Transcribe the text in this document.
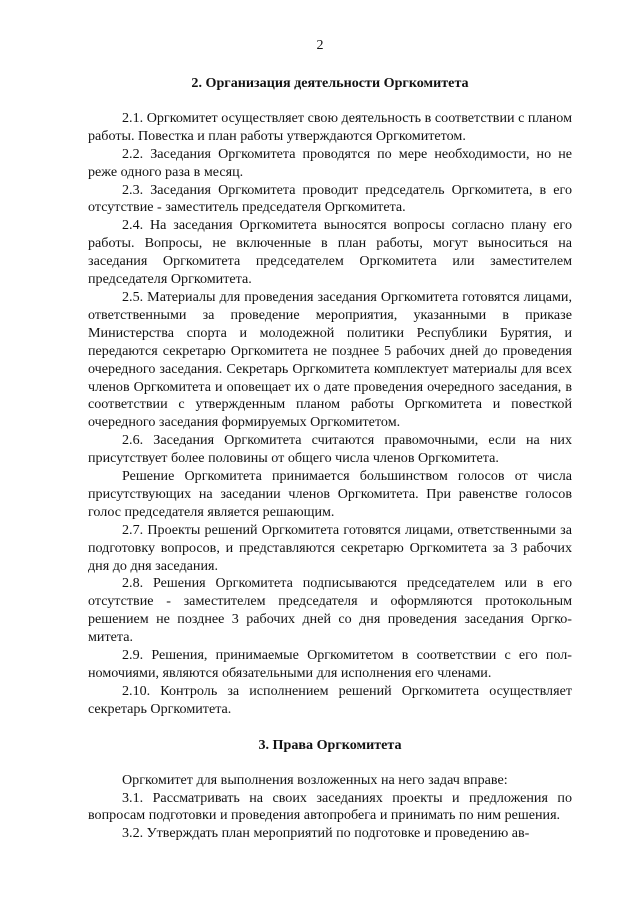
2
2. Организация деятельности Оргкомитета

2.1. Оргкомитет осуществляет свою деятельность в соответствии с планом работы. Повестка и план работы утверждаются Оргкомитетом.

2.2. Заседания Оргкомитета проводятся по мере необходимости, но не реже одного раза в месяц.

2.3. Заседания Оргкомитета проводит председатель Оргкомитета, в его отсутствие - заместитель председателя Оргкомитета.

2.4. На заседания Оргкомитета выносятся вопросы согласно плану его работы. Вопросы, не включенные в план работы, могут выноситься на заседания Оргкомитета председателем Оргкомитета или заместителем председателя Оргкомитета.

2.5. Материалы для проведения заседания Оргкомитета готовятся лицами, ответственными за проведение мероприятия, указанными в приказе Министерства спорта и молодежной политики Республики Бурятия, и передаются секретарю Оргкомитета не позднее 5 рабочих дней до проведения очередного заседания. Секретарь Оргкомитета комплектует материалы для всех членов Оргкомитета и оповещает их о дате проведения очередного заседания, в соответствии с утвержденным планом работы Оргкомитета и повесткой очередного заседания формируемых Оргкомитетом.

2.6. Заседания Оргкомитета считаются правомочными, если на них присутствует более половины от общего числа членов Оргкомитета.

Решение Оргкомитета принимается большинством голосов от числа присутствующих на заседании членов Оргкомитета. При равенстве голосов голос председателя является решающим.

2.7. Проекты решений Оргкомитета готовятся лицами, ответственными за подготовку вопросов, и представляются секретарю Оргкомитета за 3 рабочих дня до дня заседания.

2.8. Решения Оргкомитета подписываются председателем или в его отсутствие - заместителем председателя и оформляются протокольным решением не позднее 3 рабочих дней со дня проведения заседания Оргкомитета.

2.9. Решения, принимаемые Оргкомитетом в соответствии с его полномочиями, являются обязательными для исполнения его членами.

2.10. Контроль за исполнением решений Оргкомитета осуществляет секретарь Оргкомитета.

3. Права Оргкомитета

Оргкомитет для выполнения возложенных на него задач вправе:

3.1. Рассматривать на своих заседаниях проекты и предложения по вопросам подготовки и проведения автопробега и принимать по ним решения.

3.2. Утверждать план мероприятий по подготовке и проведению ав-
